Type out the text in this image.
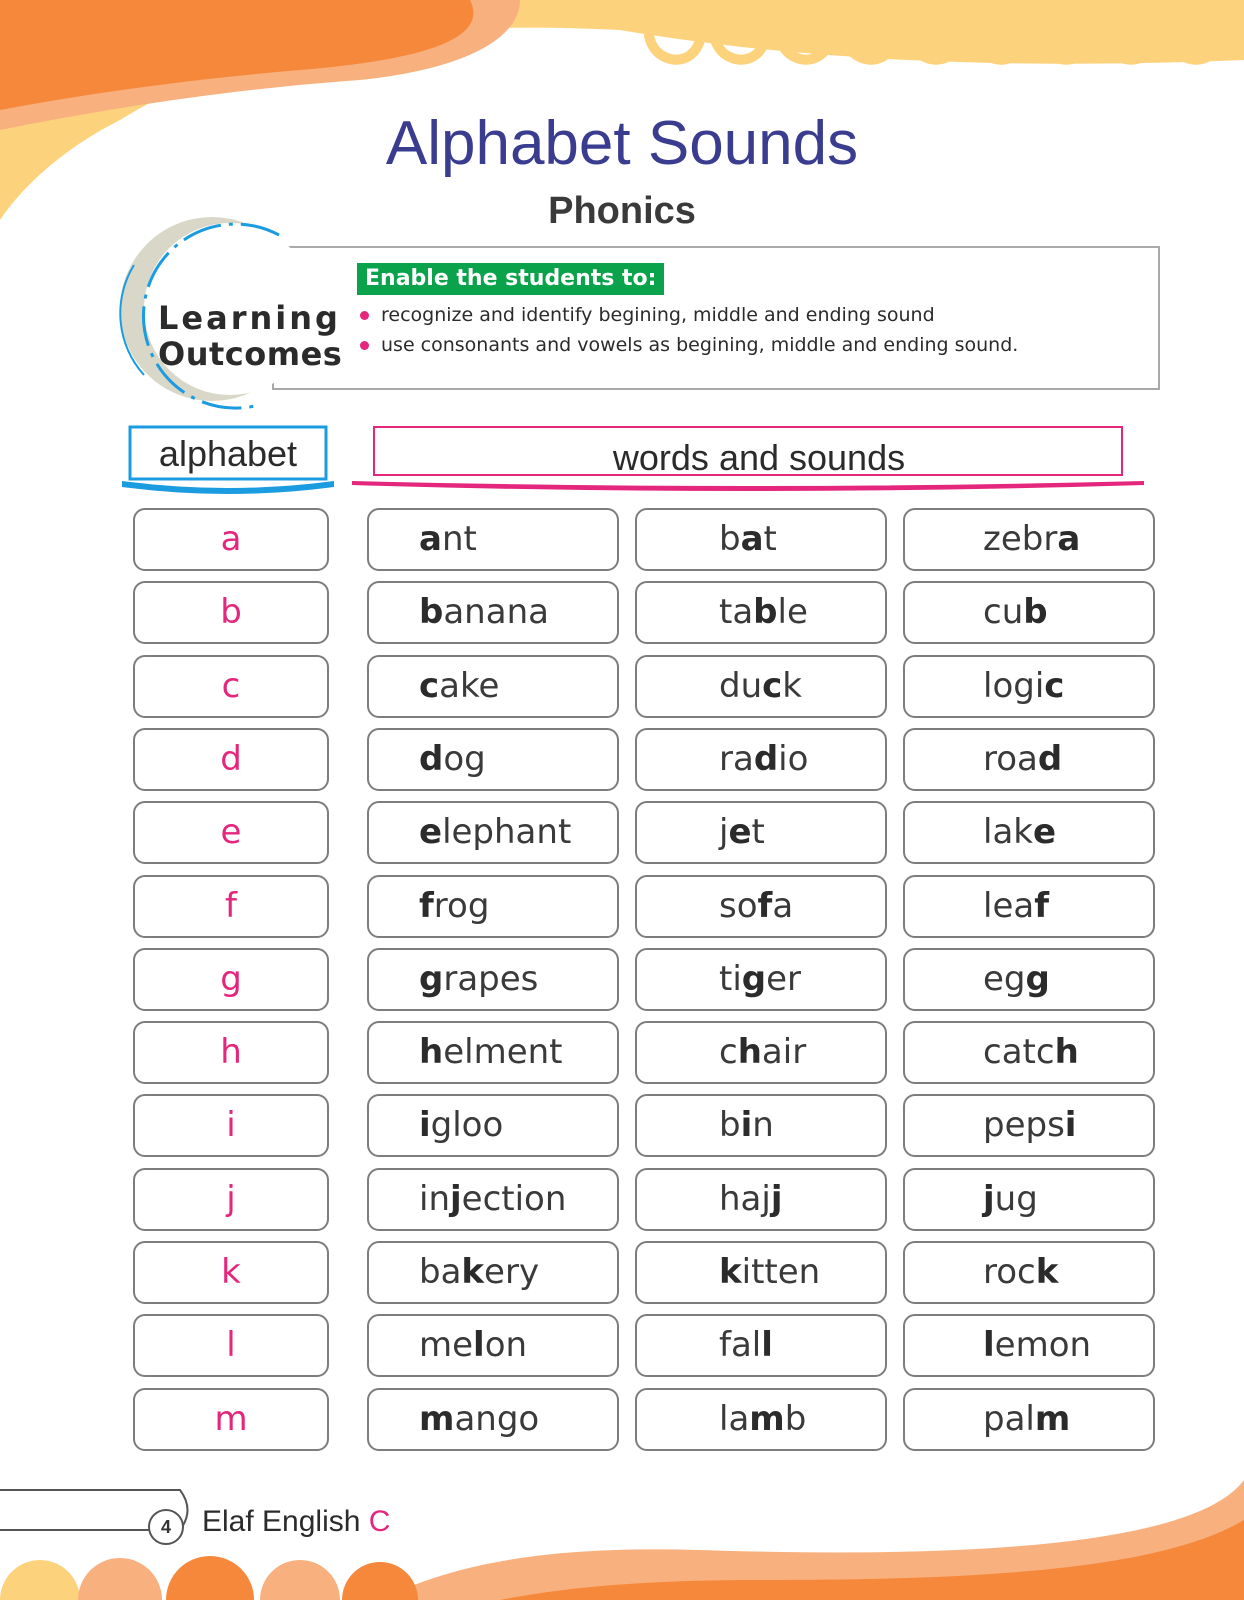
Alphabet Sounds
Phonics
Learning
Outcomes
Enable the students to:
recognize and identify begining, middle and ending sound
use consonants and vowels as begining, middle and ending sound.
alphabet	words and sounds
a	ant	bat	zebra
b	banana	table	cub
c	cake	duck	logic
d	dog	radio	road
e	elephant	jet	lake
f	frog	sofa	leaf
g	grapes	tiger	egg
h	helment	chair	catch
i	igloo	bin	pepsi
j	injection	hajj	jug
k	bakery	kitten	rock
l	melon	fall	lemon
m	mango	lamb	palm
4	Elaf English C
